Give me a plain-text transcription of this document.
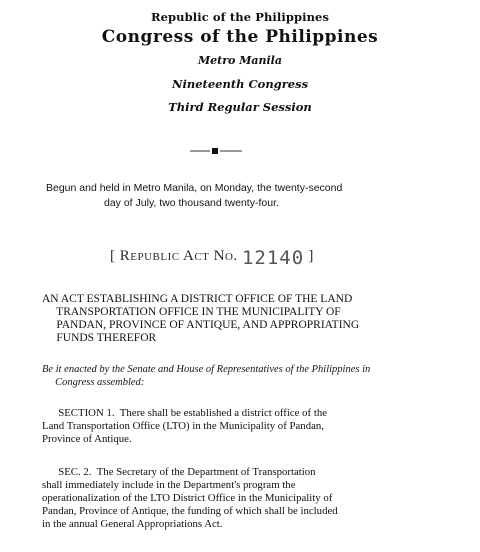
Republic of the Philippines
Congress of the Philippines
Metro Manila
Nineteenth Congress
Third Regular Session
Begun and held in Metro Manila, on Monday, the twenty-second
day of July, two thousand twenty-four.
[ Republic Act No. 12140 ]
AN ACT ESTABLISHING A DISTRICT OFFICE OF THE LAND
TRANSPORTATION OFFICE IN THE MUNICIPALITY OF
PANDAN, PROVINCE OF ANTIQUE, AND APPROPRIATING
FUNDS THEREFOR
Be it enacted by the Senate and House of Representatives of the Philippines in
Congress assembled:
SECTION 1.  There shall be established a district office of the
Land Transportation Office (LTO) in the Municipality of Pandan,
Province of Antique.
SEC. 2.  The Secretary of the Department of Transportation
shall immediately include in the Department's program the
operationalization of the LTO District Office in the Municipality of
Pandan, Province of Antique, the funding of which shall be included
in the annual General Appropriations Act.
